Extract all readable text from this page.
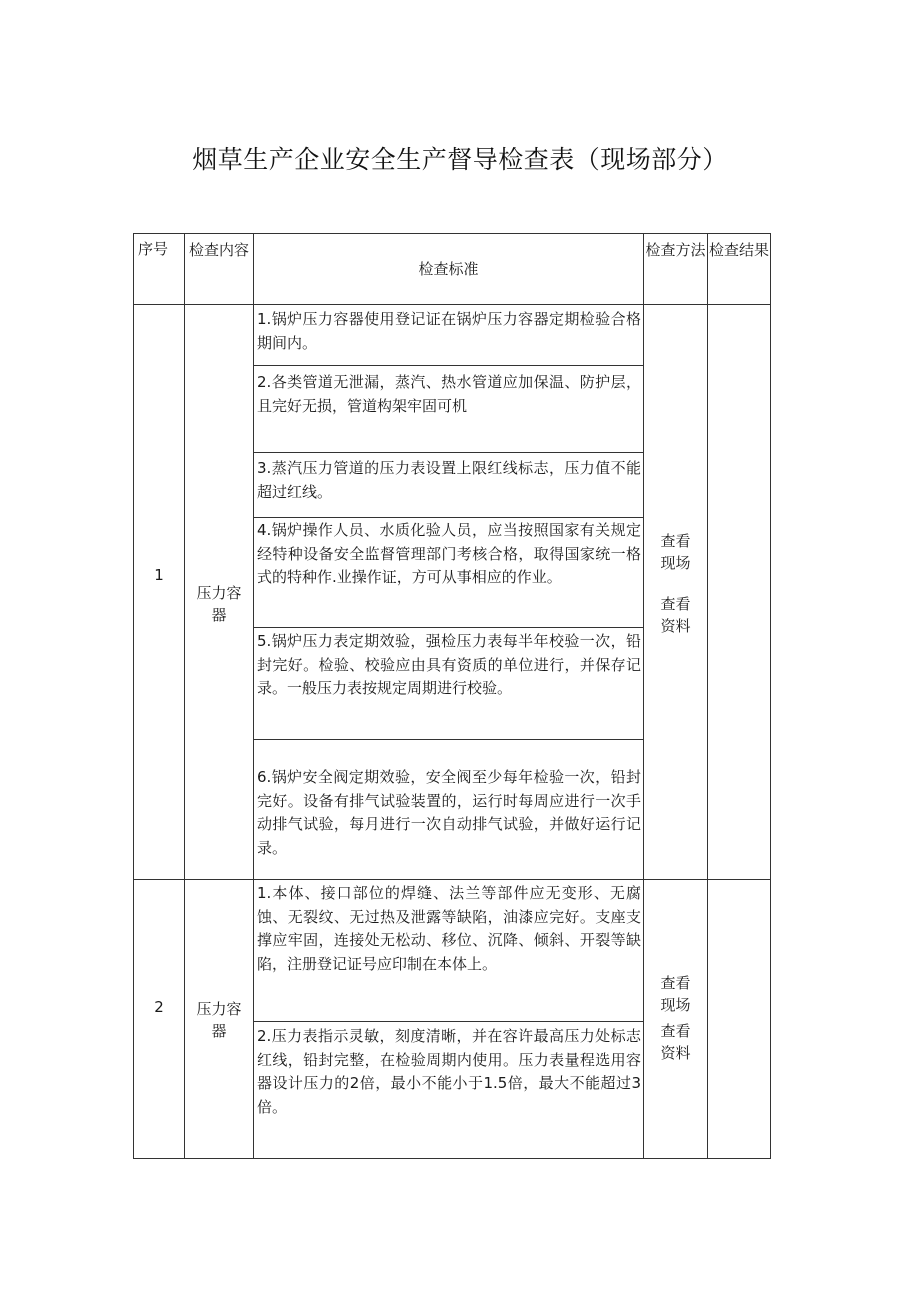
烟草生产企业安全生产督导检查表（现场部分）
序号	检查内容
检查标准
检查方法 检查结果
1
压力容器
查看现场
查看资料
1.锅炉压力容器使用登记证在锅炉压力容器定期检验合格期间内。
2.各类管道无泄漏，蒸汽、热水管道应加保温、防护层，且完好无损，管道构架牢固可机
3.蒸汽压力管道的压力表设置上限红线标志，压力值不能超过红线。
4.锅炉操作人员、水质化验人员，应当按照国家有关规定经特种设备安全监督管理部门考核合格，取得国家统一格式的特种作.业操作证，方可从事相应的作业。
5.锅炉压力表定期效验，强检压力表每半年校验一次，铅封完好。检验、校验应由具有资质的单位进行，并保存记录。一般压力表按规定周期进行校验。
6.锅炉安全阀定期效验，安全阀至少每年检验一次，铅封完好。设备有排气试验装置的，运行时每周应进行一次手动排气试验，每月进行一次自动排气试验，并做好运行记录。
2	压力容器
查看现场
查看资料
1.本体、接口部位的焊缝、法兰等部件应无变形、无腐蚀、无裂纹、无过热及泄露等缺陷，油漆应完好。支座支撑应牢固，连接处无松动、移位、沉降、倾斜、开裂等缺陷，注册登记证号应印制在本体上。
2.压力表指示灵敏，刻度清晰，并在容许最高压力处标志红线，铅封完整，在检验周期内使用。压力表量程选用容器设计压力的2倍，最小不能小于1.5倍，最大不能超过3倍。
